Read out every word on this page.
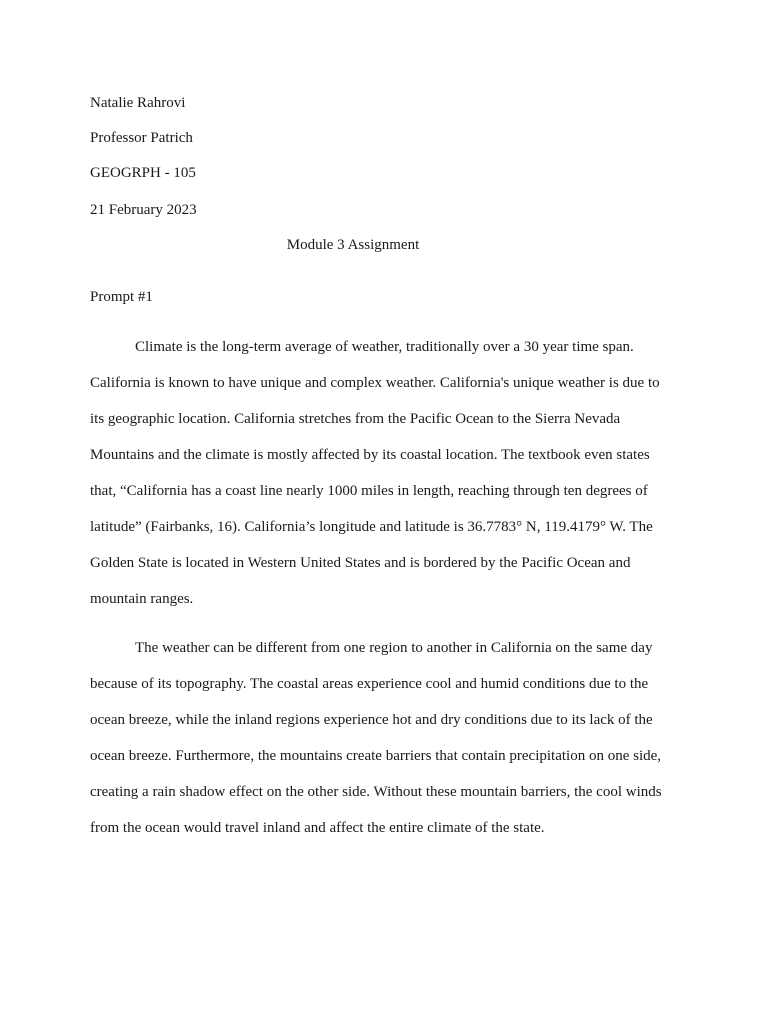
Natalie Rahrovi
Professor Patrich
GEOGRPH - 105
21 February 2023
Module 3 Assignment
Prompt #1
Climate is the long-term average of weather, traditionally over a 30 year time span.
California is known to have unique and complex weather. California's unique weather is due to
its geographic location. California stretches from the Pacific Ocean to the Sierra Nevada
Mountains and the climate is mostly affected by its coastal location. The textbook even states
that, “California has a coast line nearly 1000 miles in length, reaching through ten degrees of
latitude” (Fairbanks, 16). California’s longitude and latitude is 36.7783° N, 119.4179° W. The
Golden State is located in Western United States and is bordered by the Pacific Ocean and
mountain ranges.
The weather can be different from one region to another in California on the same day
because of its topography. The coastal areas experience cool and humid conditions due to the
ocean breeze, while the inland regions experience hot and dry conditions due to its lack of the
ocean breeze. Furthermore, the mountains create barriers that contain precipitation on one side,
creating a rain shadow effect on the other side. Without these mountain barriers, the cool winds
from the ocean would travel inland and affect the entire climate of the state.
